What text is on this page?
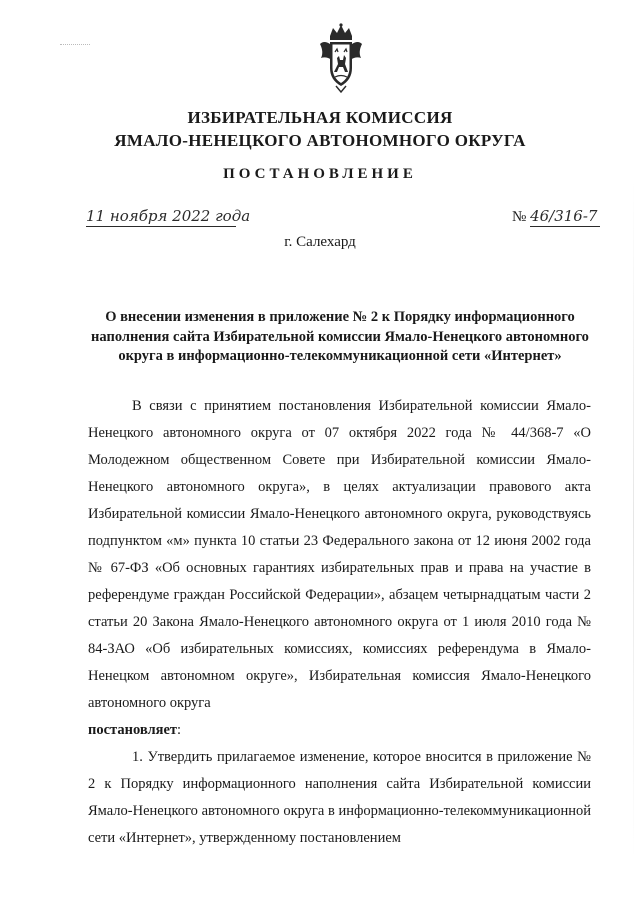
ИЗБИРАТЕЛЬНАЯ КОМИССИЯ
ЯМАЛО-НЕНЕЦКОГО АВТОНОМНОГО ОКРУГА
ПОСТАНОВЛЕНИЕ
11 ноября 2022 года	№ 46/316-7
г. Салехард
О внесении изменения в приложение № 2 к Порядку информационного наполнения сайта Избирательной комиссии Ямало-Ненецкого автономного округа в информационно-телекоммуникационной сети «Интернет»

В связи с принятием постановления Избирательной комиссии Ямало-Ненецкого автономного округа от 07 октября 2022 года № 44/368-7 «О Молодежном общественном Совете при Избирательной комиссии Ямало-Ненецкого автономного округа», в целях актуализации правового акта Избирательной комиссии Ямало-Ненецкого автономного округа, руководствуясь подпунктом «м» пункта 10 статьи 23 Федерального закона от 12 июня 2002 года № 67-ФЗ «Об основных гарантиях избирательных прав и права на участие в референдуме граждан Российской Федерации», абзацем четырнадцатым части 2 статьи 20 Закона Ямало-Ненецкого автономного округа от 1 июля 2010 года № 84-ЗАО «Об избирательных комиссиях, комиссиях референдума в Ямало-Ненецком автономном округе», Избирательная комиссия Ямало-Ненецкого автономного округа

постановляет:

1. Утвердить прилагаемое изменение, которое вносится в приложение № 2 к Порядку информационного наполнения сайта Избирательной комиссии Ямало-Ненецкого автономного округа в информационно-телекоммуникационной сети «Интернет», утвержденному постановлением
